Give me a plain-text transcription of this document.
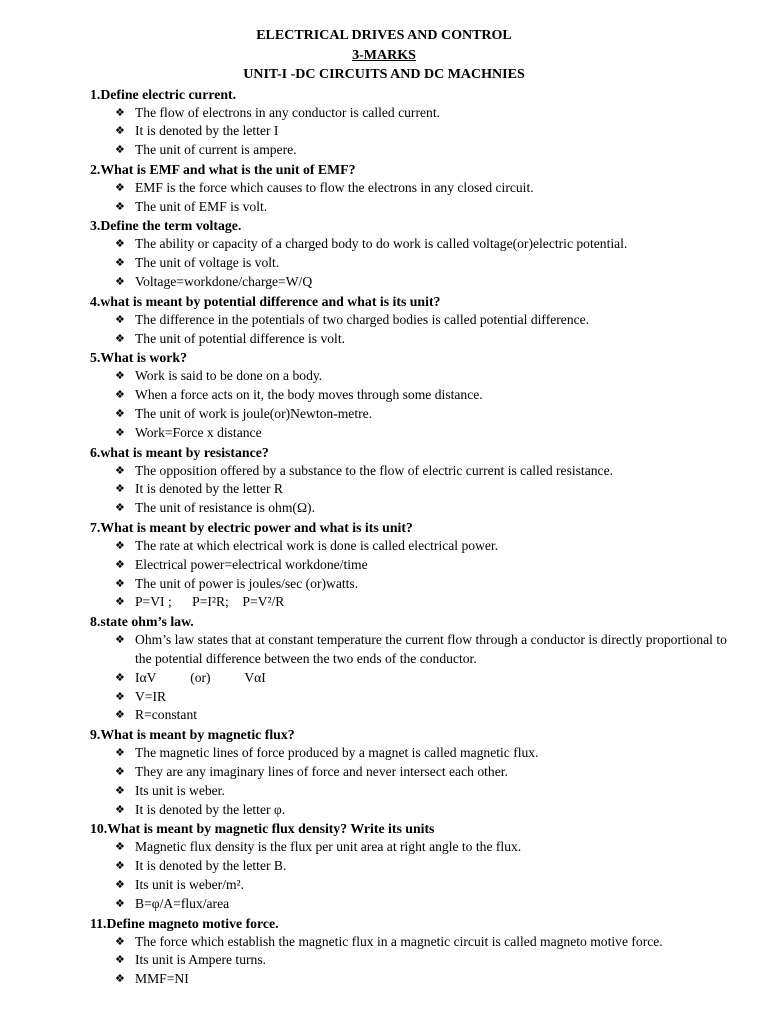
ELECTRICAL DRIVES AND CONTROL
3-MARKS
UNIT-I -DC CIRCUITS AND DC MACHNIES
1.Define electric current.
❖ The flow of electrons in any conductor is called current.
❖ It is denoted by the letter I
❖ The unit of current is ampere.
2.What is EMF and what is the unit of EMF?
❖ EMF is the force which causes to flow the electrons in any closed circuit.
❖ The unit of EMF is volt.
3.Define the term voltage.
❖ The ability or capacity of a charged body to do work is called voltage(or)electric potential.
❖ The unit of voltage is volt.
❖ Voltage=workdone/charge=W/Q
4.what is meant by potential difference and what is its unit?
❖ The difference in the potentials of two charged bodies is called potential difference.
❖ The unit of potential difference is volt.
5.What is work?
❖ Work is said to be done on a body.
❖ When a force acts on it, the body moves through some distance.
❖ The unit of work is joule(or)Newton-metre.
❖ Work=Force x distance
6.what is meant by resistance?
❖ The opposition offered by a substance to the flow of electric current is called resistance.
❖ It is denoted by the letter R
❖ The unit of resistance is ohm(Ω).
7.What is meant by electric power and what is its unit?
❖ The rate at which electrical work is done is called electrical power.
❖ Electrical power=electrical workdone/time
❖ The unit of power is joules/sec (or)watts.
❖ P=VI ;      P=I²R;    P=V²/R
8.state ohm’s law.
❖ Ohm’s law states that at constant temperature the current flow through a conductor is directly proportional to the potential difference between the two ends of the conductor.
❖ IαV          (or)          VαI
❖ V=IR
❖ R=constant
9.What is meant by magnetic flux?
❖ The magnetic lines of force produced by a magnet is called magnetic flux.
❖ They are any imaginary lines of force and never intersect each other.
❖ Its unit is weber.
❖ It is denoted by the letter φ.
10.What is meant by magnetic flux density? Write its units
❖ Magnetic flux density is the flux per unit area at right angle to the flux.
❖ It is denoted by the letter B.
❖ Its unit is weber/m².
❖ B=φ/A=flux/area
11.Define magneto motive force.
❖ The force which establish the magnetic flux in a magnetic circuit is called magneto motive force.
❖ Its unit is Ampere turns.
❖ MMF=NI
